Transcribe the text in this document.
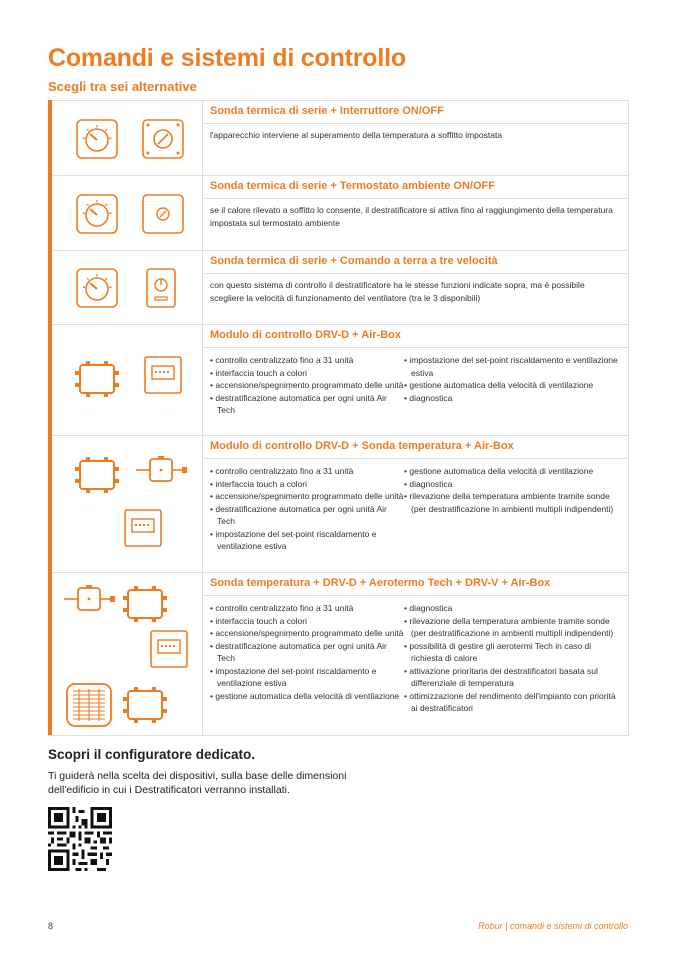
Comandi e sistemi di controllo
Scegli tra sei alternative
Sonda termica di serie + Interruttore ON/OFF
l'apparecchio interviene al superamento della temperatura a soffitto impostata
Sonda termica di serie + Termostato ambiente ON/OFF
se il calore rilevato a soffitto lo consente, il destratificatore si attiva fino al raggiungimento della temperatura impostata sul termostato ambiente
Sonda termica di serie + Comando a terra a tre velocità
con questo sistema di controllo il destratificatore ha le stesse funzioni indicate sopra, ma è possibile scegliere la velocità di funzionamento del ventilatore (tra le 3 disponibili)
Modulo di controllo DRV-D + Air-Box
• controllo centralizzato fino a 31 unità
• interfaccia touch a colori
• accensione/spegnimento programmato delle unità
• destratificazione automatica per ogni unità Air Tech
• impostazione del set-point riscaldamento e ventilazione estiva
• gestione automatica della velocità di ventilazione
• diagnostica
Modulo di controllo DRV-D + Sonda temperatura + Air-Box
• controllo centralizzato fino a 31 unità
• interfaccia touch a colori
• accensione/spegnimento programmato delle unità
• destratificazione automatica per ogni unità Air Tech
• impostazione del set-point riscaldamento e ventilazione estiva
• gestione automatica della velocità di ventilazione
• diagnostica
• rilevazione della temperatura ambiente tramite sonde (per destratificazione in ambienti multipli indipendenti)
Sonda temperatura + DRV-D + Aerotermo Tech + DRV-V + Air-Box
• controllo centralizzato fino a 31 unità
• interfaccia touch a colori
• accensione/spegnimento programmato delle unità
• destratificazione automatica per ogni unità Air Tech
• impostazione del set-point riscaldamento e ventilazione estiva
• gestione automatica della velocità di ventilazione
• diagnostica
• rilevazione della temperatura ambiente tramite sonde (per destratificazione in ambienti multipli indipendenti)
• possibilità di gestire gli aerotermi Tech in caso di richiesta di calore
• attivazione prioritaria dei destratificatori basata sul differenziale di temperatura
• ottimizzazione del rendimento dell'impianto con priorità ai destratificatori
Scopri il configuratore dedicato.
Ti guiderà nella scelta dei dispositivi, sulla base delle dimensioni dell'edificio in cui i Destratificatori verranno installati.
8	Robur | comandi e sistemi di controllo
